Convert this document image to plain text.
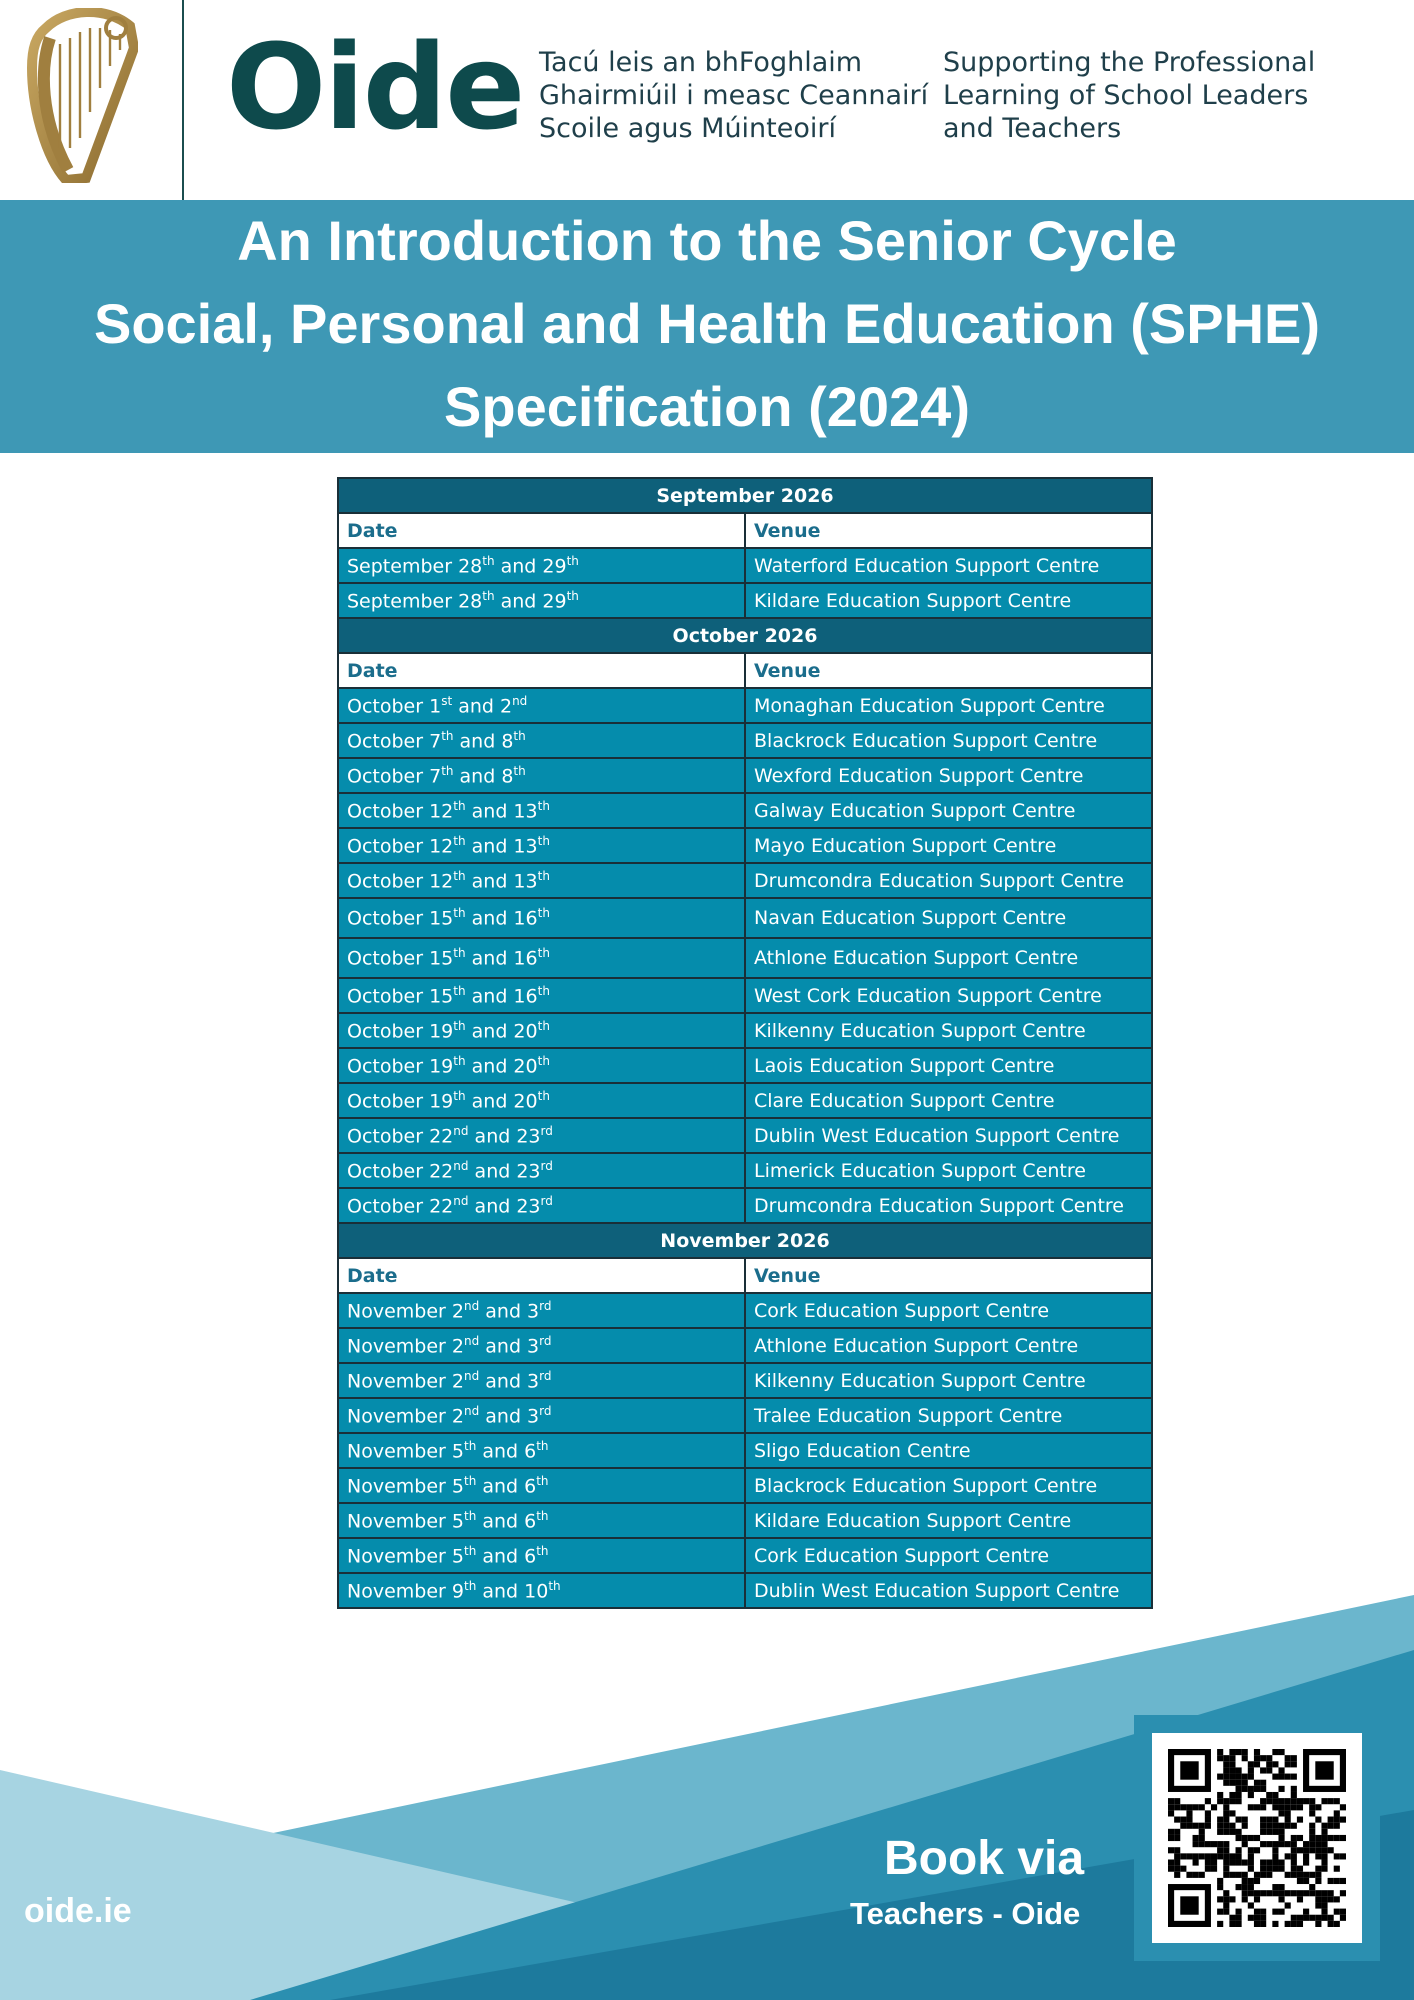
Oide Tacú leis an bhFoghlaim
Ghairmiúil i measc Ceannairí
Scoile agus Múinteoirí
Supporting the Professional
Learning of School Leaders
and Teachers
An Introduction to the Senior Cycle
Social, Personal and Health Education (SPHE)
Specification (2024)
September 2026	
Date	Venue
September 28th and 29th	Waterford Education Support Centre
September 28th and 29th	Kildare Education Support Centre
October 2026	
Date	Venue
October 1st and 2nd	Monaghan Education Support Centre
October 7th and 8th	Blackrock Education Support Centre
October 7th and 8th	Wexford Education Support Centre
October 12th and 13th	Galway Education Support Centre
October 12th and 13th	Mayo Education Support Centre
October 12th and 13th	Drumcondra Education Support Centre
October 15th and 16th	Navan Education Support Centre
October 15th and 16th	Athlone Education Support Centre
October 15th and 16th	West Cork Education Support Centre
October 19th and 20th	Kilkenny Education Support Centre
October 19th and 20th	Laois Education Support Centre
October 19th and 20th	Clare Education Support Centre
October 22nd and 23rd	Dublin West Education Support Centre
October 22nd and 23rd	Limerick Education Support Centre
October 22nd and 23rd	Drumcondra Education Support Centre
November 2026	
Date	Venue
November 2nd and 3rd	Cork Education Support Centre
November 2nd and 3rd	Athlone Education Support Centre
November 2nd and 3rd	Kilkenny Education Support Centre
November 2nd and 3rd	Tralee Education Support Centre
November 5th and 6th	Sligo Education Centre
November 5th and 6th	Blackrock Education Support Centre
November 5th and 6th	Kildare Education Support Centre
November 5th and 6th	Cork Education Support Centre
November 9th and 10th	Dublin West Education Support Centre
oide.ie
Book via
Teachers - Oide
